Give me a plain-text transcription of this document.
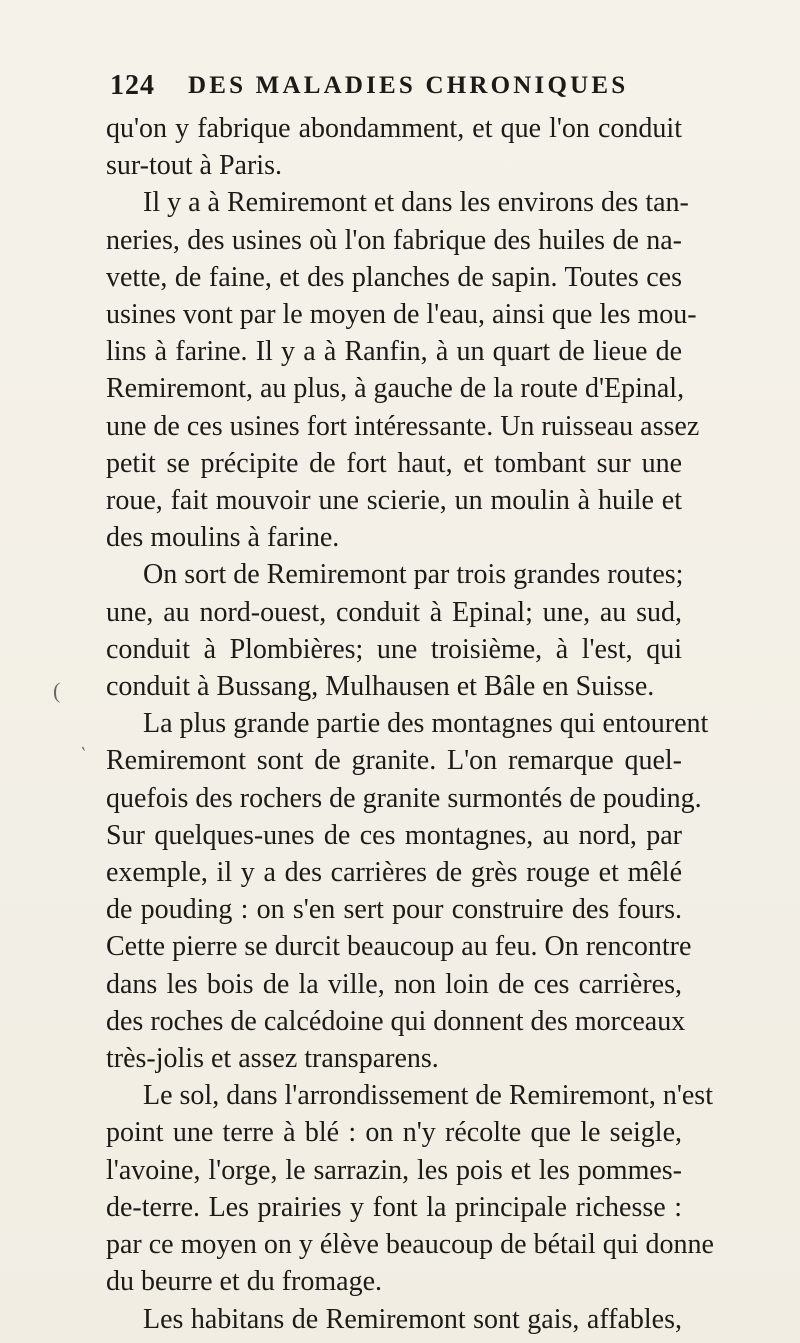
124 DES MALADIES CHRONIQUES
(
'
qu'on y fabrique abondamment, et que l'on conduit
sur-tout à Paris.
Il y a à Remiremont et dans les environs des tan-
neries, des usines où l'on fabrique des huiles de na-
vette, de faine, et des planches de sapin. Toutes ces
usines vont par le moyen de l'eau, ainsi que les mou-
lins à farine. Il y a à Ranfin, à un quart de lieue de
Remiremont, au plus, à gauche de la route d'Epinal,
une de ces usines fort intéressante. Un ruisseau assez
petit se précipite de fort haut, et tombant sur une
roue, fait mouvoir une scierie, un moulin à huile et
des moulins à farine.
On sort de Remiremont par trois grandes routes;
une, au nord-ouest, conduit à Epinal; une, au sud,
conduit à Plombières; une troisième, à l'est, qui
conduit à Bussang, Mulhausen et Bâle en Suisse.
La plus grande partie des montagnes qui entourent
Remiremont sont de granite. L'on remarque quel-
quefois des rochers de granite surmontés de pouding.
Sur quelques-unes de ces montagnes, au nord, par
exemple, il y a des carrières de grès rouge et mêlé
de pouding : on s'en sert pour construire des fours.
Cette pierre se durcit beaucoup au feu. On rencontre
dans les bois de la ville, non loin de ces carrières,
des roches de calcédoine qui donnent des morceaux
très-jolis et assez transparens.
Le sol, dans l'arrondissement de Remiremont, n'est
point une terre à blé : on n'y récolte que le seigle,
l'avoine, l'orge, le sarrazin, les pois et les pommes-
de-terre. Les prairies y font la principale richesse :
par ce moyen on y élève beaucoup de bétail qui donne
du beurre et du fromage.
Les habitans de Remiremont sont gais, affables,
